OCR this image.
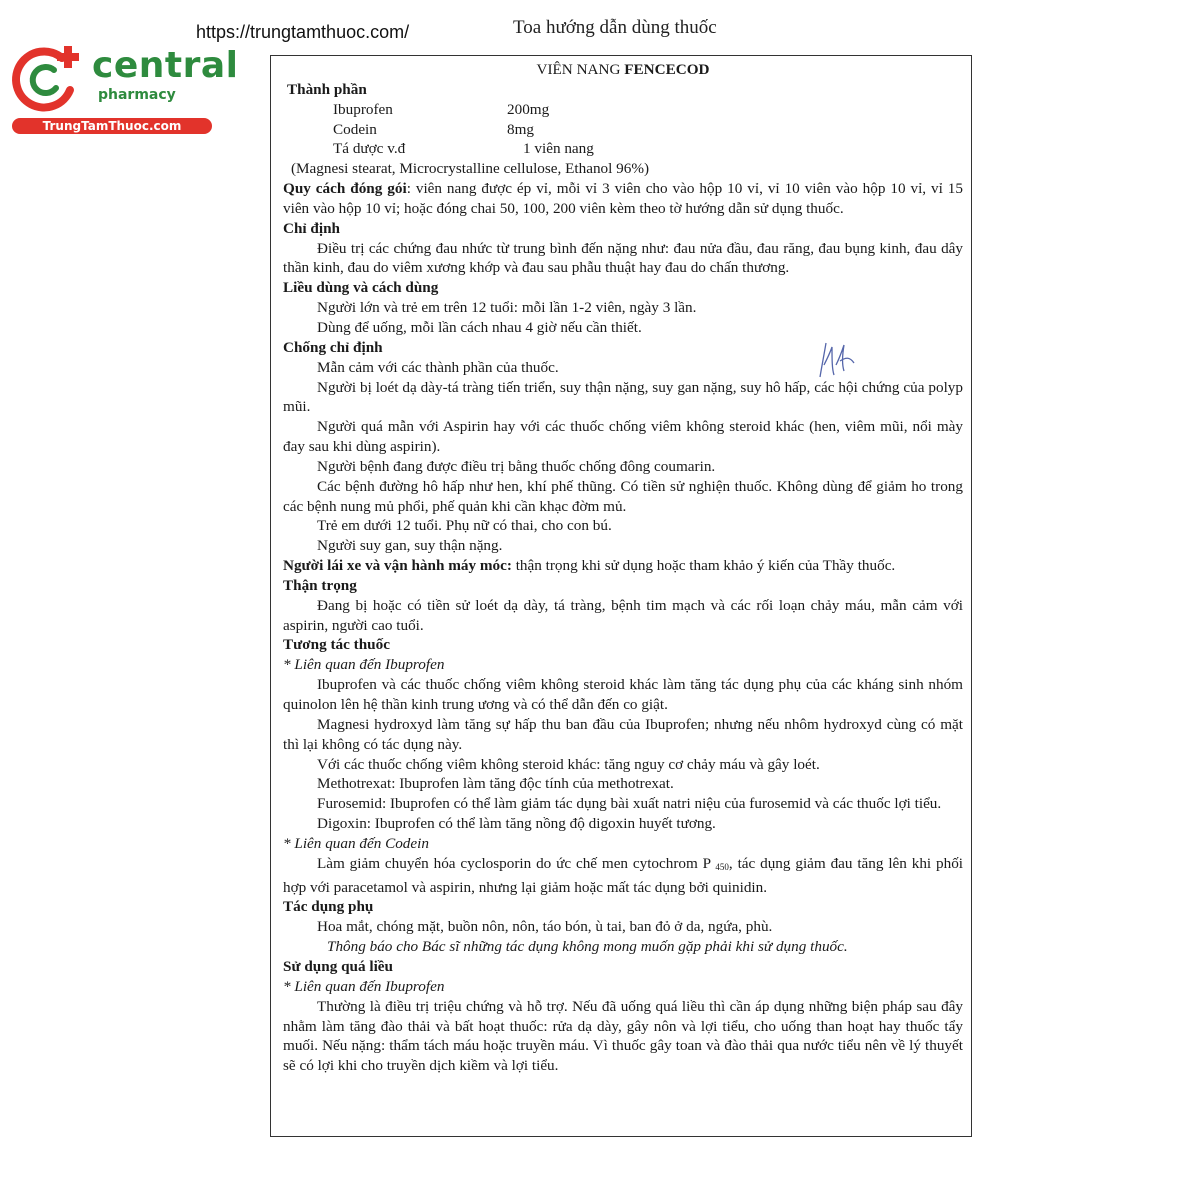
central
pharmacy
TrungTamThuoc.com
https://trungtamthuoc.com/	Toa hướng dẫn dùng thuốc

VIÊN NANG FENCECOD

Thành phần

Ibuprofen	200mg
Codein	8mg
Tá dược v.đ	1 viên nang

(Magnesi stearat, Microcrystalline cellulose, Ethanol 96%)

Quy cách đóng gói: viên nang được ép vỉ, mỗi vỉ 3 viên cho vào hộp 10 vỉ, vỉ 10 viên vào hộp 10 vỉ, vỉ 15 viên vào hộp 10 vỉ; hoặc đóng chai 50, 100, 200 viên kèm theo tờ hướng dẫn sử dụng thuốc.

Chỉ định

Điều trị các chứng đau nhức từ trung bình đến nặng như: đau nửa đầu, đau răng, đau bụng kinh, đau dây thần kinh, đau do viêm xương khớp và đau sau phẫu thuật hay đau do chấn thương.

Liều dùng và cách dùng

Người lớn và trẻ em trên 12 tuổi: mỗi lần 1-2 viên, ngày 3 lần.

Dùng để uống, mỗi lần cách nhau 4 giờ nếu cần thiết.

Chống chỉ định

Mẫn cảm với các thành phần của thuốc.

Người bị loét dạ dày-tá tràng tiến triển, suy thận nặng, suy gan nặng, suy hô hấp, các hội chứng của polyp mũi.

Người quá mẫn với Aspirin hay với các thuốc chống viêm không steroid khác (hen, viêm mũi, nổi mày đay sau khi dùng aspirin).

Người bệnh đang được điều trị bằng thuốc chống đông coumarin.

Các bệnh đường hô hấp như hen, khí phế thũng. Có tiền sử nghiện thuốc. Không dùng để giảm ho trong các bệnh nung mủ phổi, phế quản khi cần khạc đờm mủ.

Trẻ em dưới 12 tuổi. Phụ nữ có thai, cho con bú.

Người suy gan, suy thận nặng.

Người lái xe và vận hành máy móc: thận trọng khi sử dụng hoặc tham khảo ý kiến của Thầy thuốc.

Thận trọng

Đang bị hoặc có tiền sử loét dạ dày, tá tràng, bệnh tim mạch và các rối loạn chảy máu, mẫn cảm với aspirin, người cao tuổi.

Tương tác thuốc

* Liên quan đến Ibuprofen

Ibuprofen và các thuốc chống viêm không steroid khác làm tăng tác dụng phụ của các kháng sinh nhóm quinolon lên hệ thần kinh trung ương và có thể dẫn đến co giật.

Magnesi hydroxyd làm tăng sự hấp thu ban đầu của Ibuprofen; nhưng nếu nhôm hydroxyd cùng có mặt thì lại không có tác dụng này.

Với các thuốc chống viêm không steroid khác: tăng nguy cơ chảy máu và gây loét.

Methotrexat: Ibuprofen làm tăng độc tính của methotrexat.

Furosemid: Ibuprofen có thể làm giảm tác dụng bài xuất natri niệu của furosemid và các thuốc lợi tiểu.

Digoxin: Ibuprofen có thể làm tăng nồng độ digoxin huyết tương.

* Liên quan đến Codein

Làm giảm chuyển hóa cyclosporin do ức chế men cytochrom P $_{450}$, tác dụng giảm đau tăng lên khi phối hợp với paracetamol và aspirin, nhưng lại giảm hoặc mất tác dụng bởi quinidin.

Tác dụng phụ

Hoa mắt, chóng mặt, buồn nôn, nôn, táo bón, ù tai, ban đỏ ở da, ngứa, phù.

Thông báo cho Bác sĩ những tác dụng không mong muốn gặp phải khi sử dụng thuốc.

Sử dụng quá liều

* Liên quan đến Ibuprofen

Thường là điều trị triệu chứng và hỗ trợ. Nếu đã uống quá liều thì cần áp dụng những biện pháp sau đây nhằm làm tăng đào thải và bất hoạt thuốc: rửa dạ dày, gây nôn và lợi tiểu, cho uống than hoạt hay thuốc tẩy muối. Nếu nặng: thẩm tách máu hoặc truyền máu. Vì thuốc gây toan và đào thải qua nước tiểu nên về lý thuyết sẽ có lợi khi cho truyền dịch kiềm và lợi tiểu.
